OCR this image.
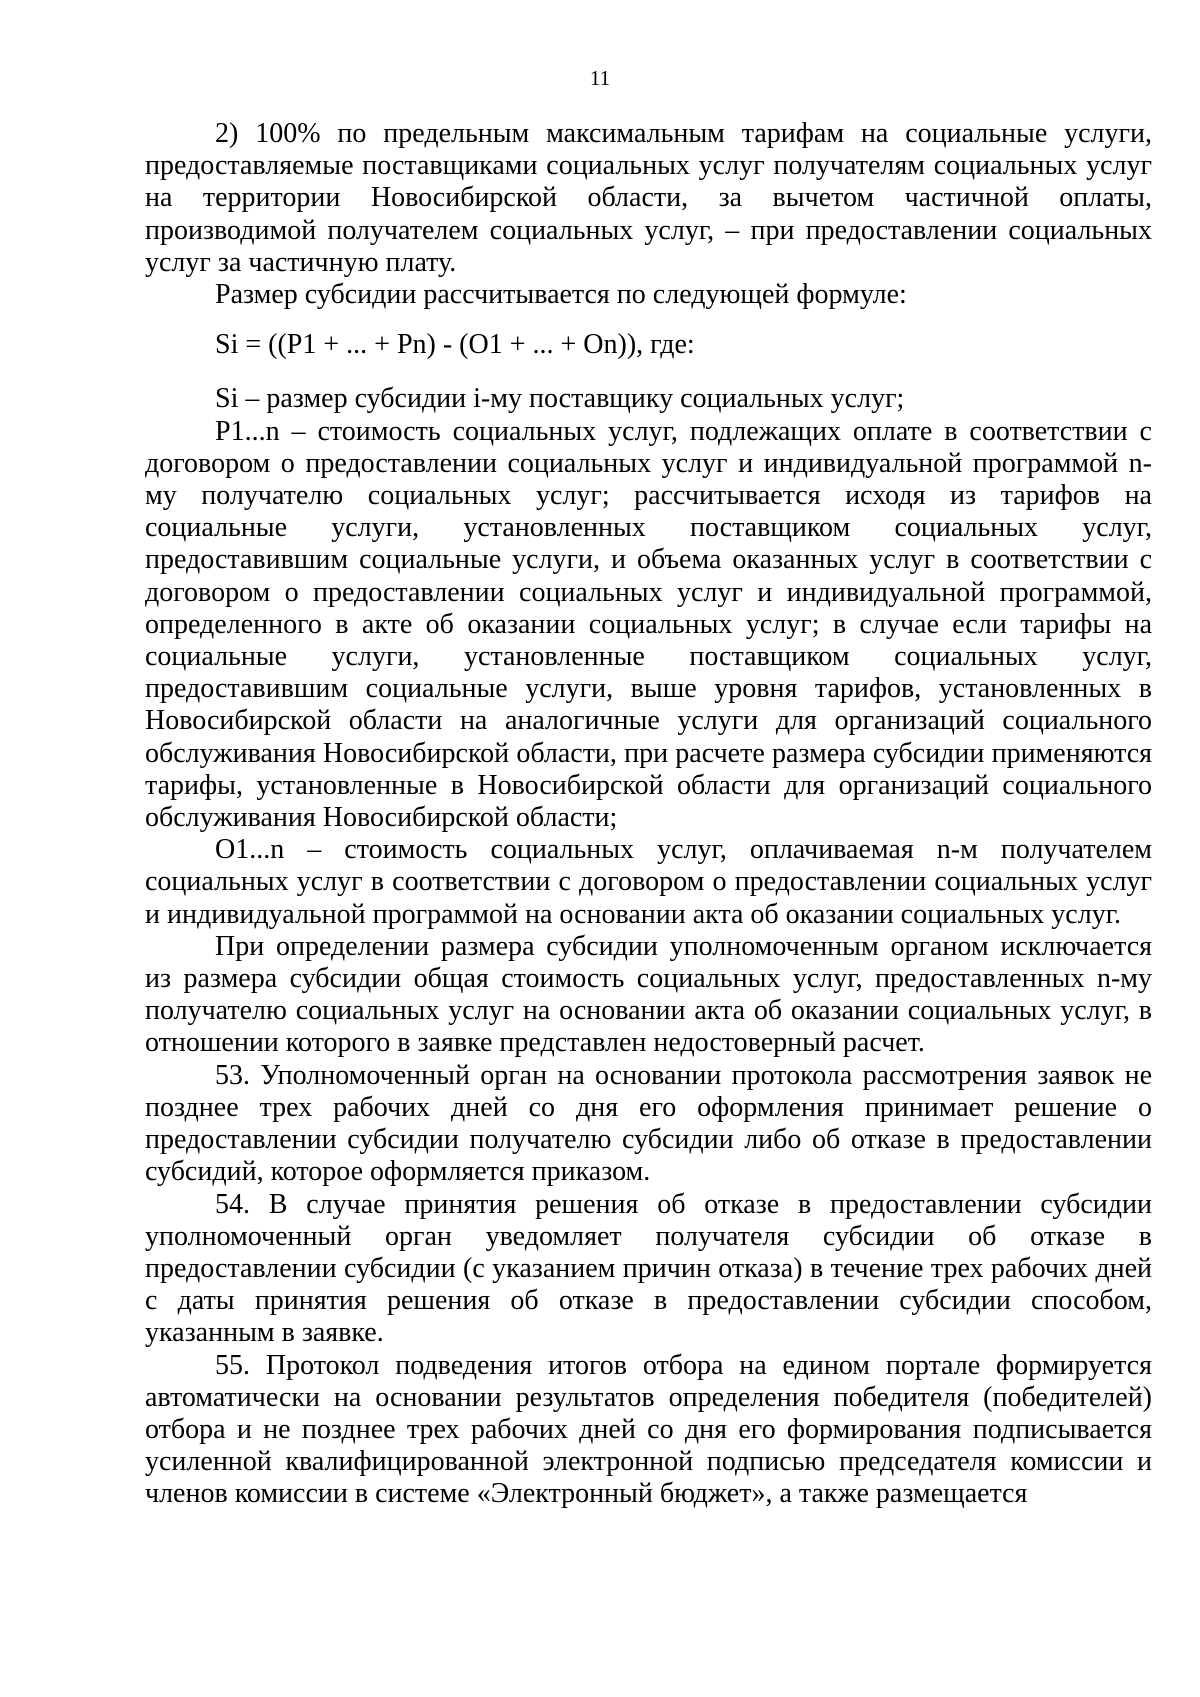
11

2) 100% по предельным максимальным тарифам на социальные услуги, предоставляемые поставщиками социальных услуг получателям социальных услуг на территории Новосибирской области, за вычетом частичной оплаты, производимой получателем социальных услуг, – при предоставлении социальных услуг за частичную плату.

Размер субсидии рассчитывается по следующей формуле:

Si = ((P1 + ... + Pn) - (O1 + ... + On)), где:

Si – размер субсидии i-му поставщику социальных услуг;

P1...n – стоимость социальных услуг, подлежащих оплате в соответствии с договором о предоставлении социальных услуг и индивидуальной программой n-му получателю социальных услуг; рассчитывается исходя из тарифов на социальные услуги, установленных поставщиком социальных услуг, предоставившим социальные услуги, и объема оказанных услуг в соответствии с договором о предоставлении социальных услуг и индивидуальной программой, определенного в акте об оказании социальных услуг; в случае если тарифы на социальные услуги, установленные поставщиком социальных услуг, предоставившим социальные услуги, выше уровня тарифов, установленных в Новосибирской области на аналогичные услуги для организаций социального обслуживания Новосибирской области, при расчете размера субсидии применяются тарифы, установленные в Новосибирской области для организаций социального обслуживания Новосибирской области;

O1...n – стоимость социальных услуг, оплачиваемая n-м получателем социальных услуг в соответствии с договором о предоставлении социальных услуг и индивидуальной программой на основании акта об оказании социальных услуг.

При определении размера субсидии уполномоченным органом исключается из размера субсидии общая стоимость социальных услуг, предоставленных n-му получателю социальных услуг на основании акта об оказании социальных услуг, в отношении которого в заявке представлен недостоверный расчет.

53. Уполномоченный орган на основании протокола рассмотрения заявок не позднее трех рабочих дней со дня его оформления принимает решение о предоставлении субсидии получателю субсидии либо об отказе в предоставлении субсидий, которое оформляется приказом.

54. В случае принятия решения об отказе в предоставлении субсидии уполномоченный орган уведомляет получателя субсидии об отказе в предоставлении субсидии (с указанием причин отказа) в течение трех рабочих дней с даты принятия решения об отказе в предоставлении субсидии способом, указанным в заявке.

55. Протокол подведения итогов отбора на едином портале формируется автоматически на основании результатов определения победителя (победителей) отбора и не позднее трех рабочих дней со дня его формирования подписывается усиленной квалифицированной электронной подписью председателя комиссии и членов комиссии в системе «Электронный бюджет», а также размещается
